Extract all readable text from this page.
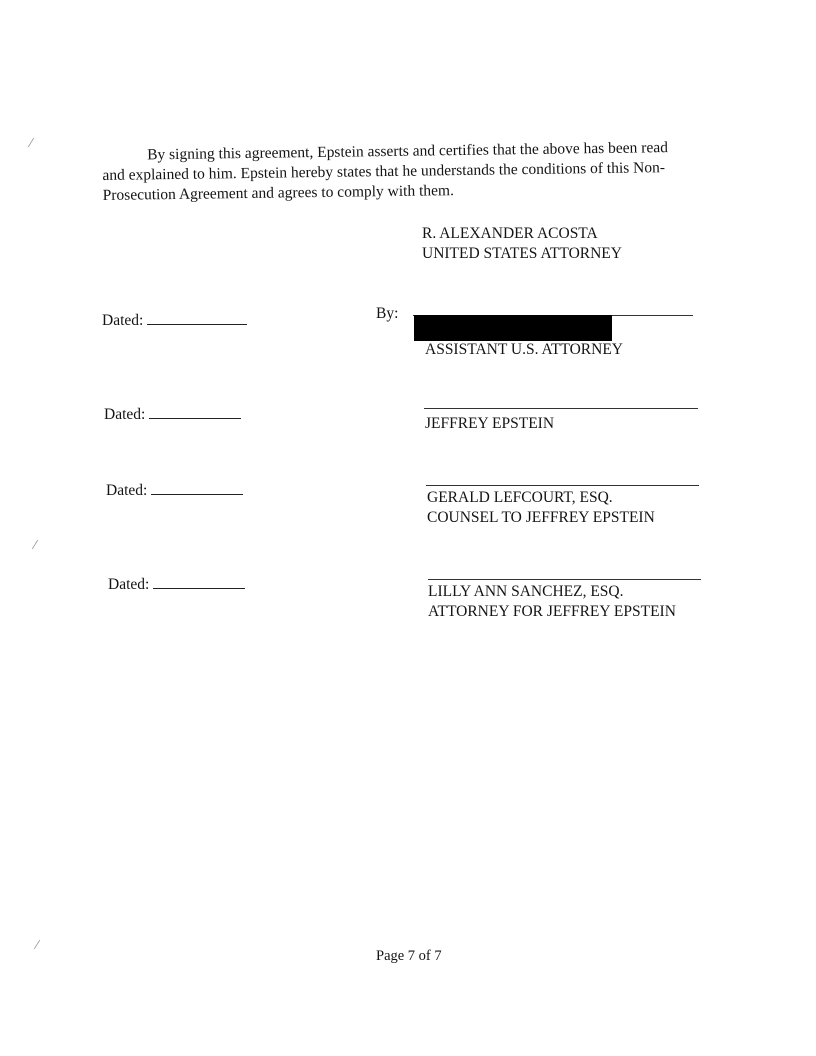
⁄
⁄
⁄
By signing this agreement, Epstein asserts and certifies that the above has been read
and explained to him. Epstein hereby states that he understands the conditions of this Non-
Prosecution Agreement and agrees to comply with them.
R. ALEXANDER ACOSTA
UNITED STATES ATTORNEY
Dated:	By:
ASSISTANT U.S. ATTORNEY
Dated:
JEFFREY EPSTEIN
Dated:	GERALD LEFCOURT, ESQ.
COUNSEL TO JEFFREY EPSTEIN
Dated:	LILLY ANN SANCHEZ, ESQ.
ATTORNEY FOR JEFFREY EPSTEIN
Page 7 of 7
